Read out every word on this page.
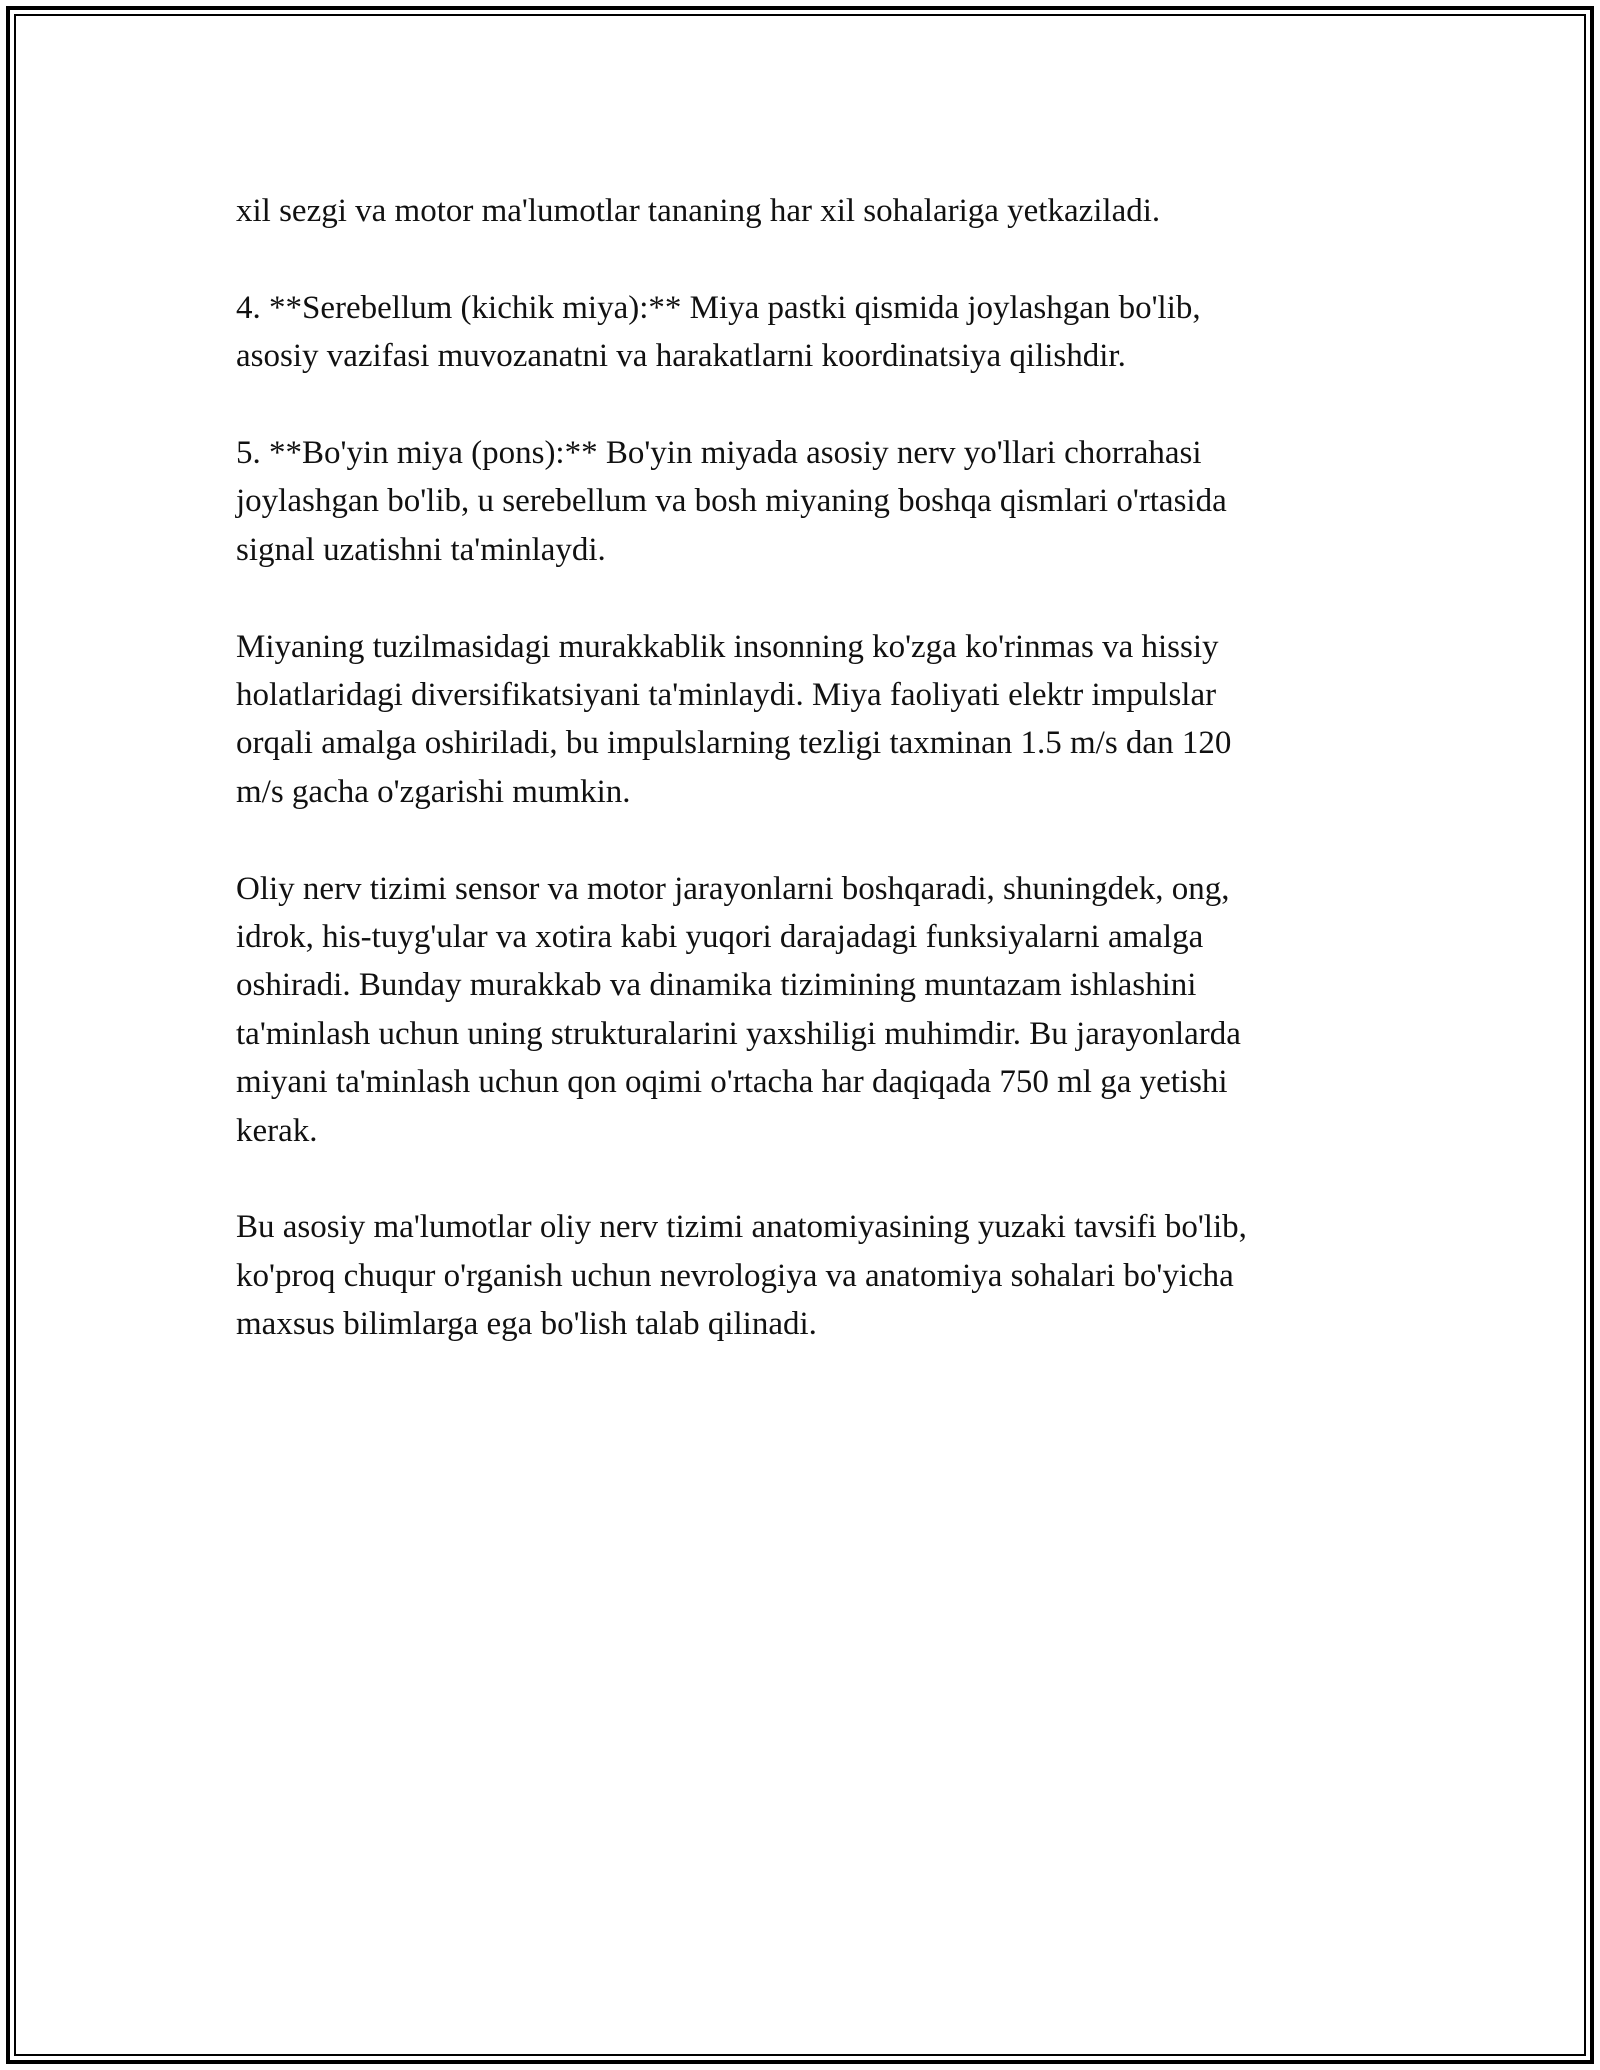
xil sezgi va motor ma'lumotlar tananing har xil sohalariga yetkaziladi.

4. **Serebellum (kichik miya):** Miya pastki qismida joylashgan bo'lib,
asosiy vazifasi muvozanatni va harakatlarni koordinatsiya qilishdir.

5. **Bo'yin miya (pons):** Bo'yin miyada asosiy nerv yo'llari chorrahasi
joylashgan bo'lib, u serebellum va bosh miyaning boshqa qismlari o'rtasida
signal uzatishni ta'minlaydi.

Miyaning tuzilmasidagi murakkablik insonning ko'zga ko'rinmas va hissiy
holatlaridagi diversifikatsiyani ta'minlaydi. Miya faoliyati elektr impulslar
orqali amalga oshiriladi, bu impulslarning tezligi taxminan 1.5 m/s dan 120
m/s gacha o'zgarishi mumkin.

Oliy nerv tizimi sensor va motor jarayonlarni boshqaradi, shuningdek, ong,
idrok, his-tuyg'ular va xotira kabi yuqori darajadagi funksiyalarni amalga
oshiradi. Bunday murakkab va dinamika tizimining muntazam ishlashini
ta'minlash uchun uning strukturalarini yaxshiligi muhimdir. Bu jarayonlarda
miyani ta'minlash uchun qon oqimi o'rtacha har daqiqada 750 ml ga yetishi
kerak.

Bu asosiy ma'lumotlar oliy nerv tizimi anatomiyasining yuzaki tavsifi bo'lib,
ko'proq chuqur o'rganish uchun nevrologiya va anatomiya sohalari bo'yicha
maxsus bilimlarga ega bo'lish talab qilinadi.
